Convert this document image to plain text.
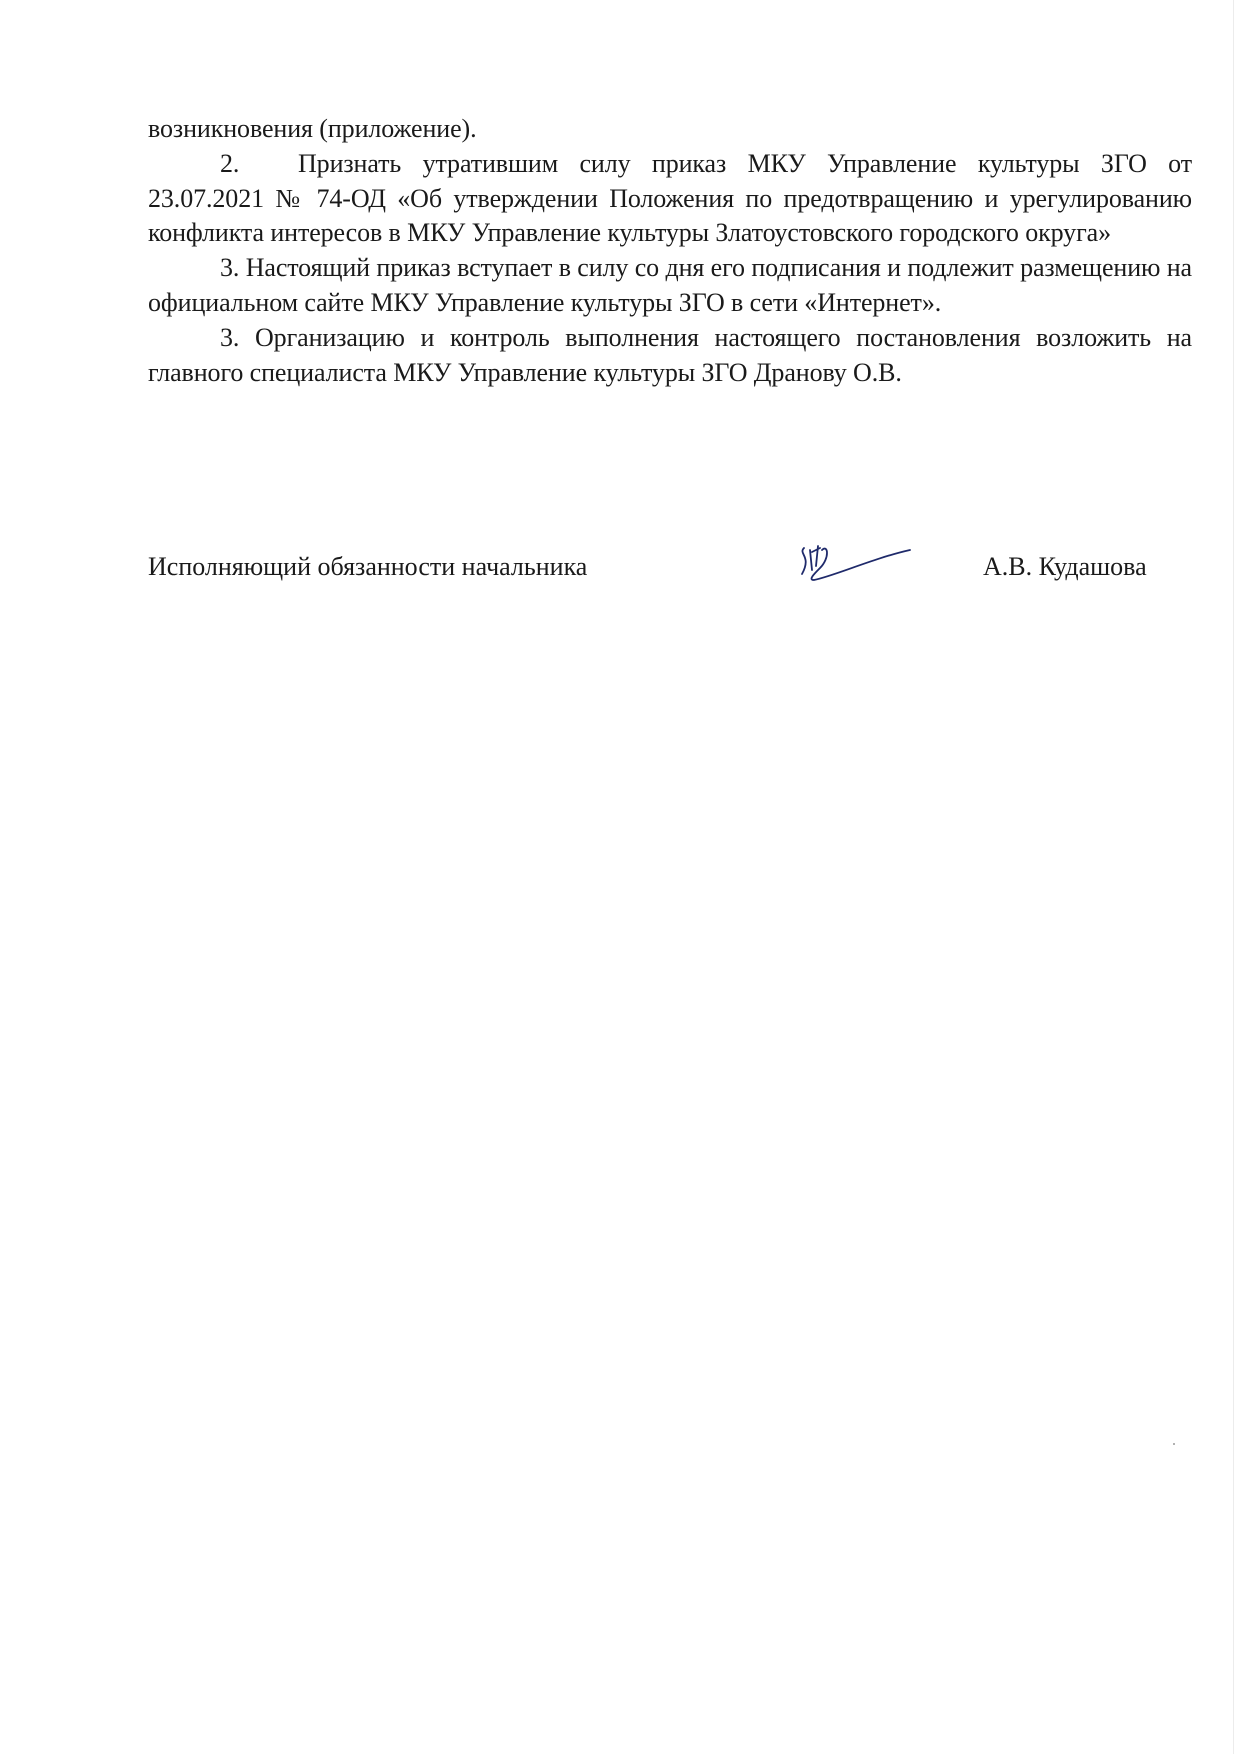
возникновения (приложение).

2. Признать утратившим силу приказ МКУ Управление культуры ЗГО от 23.07.2021 № 74-ОД «Об утверждении Положения по предотвращению и урегулированию конфликта интересов в МКУ Управление культуры Златоустовского городского округа»

3. Настоящий приказ вступает в силу со дня его подписания и подлежит размещению на официальном сайте МКУ Управление культуры ЗГО в сети «Интернет».

3. Организацию и контроль выполнения настоящего постановления возложить на главного специалиста МКУ Управление культуры ЗГО Дранову О.В.

Исполняющий обязанности начальника	А.В. Кудашова
